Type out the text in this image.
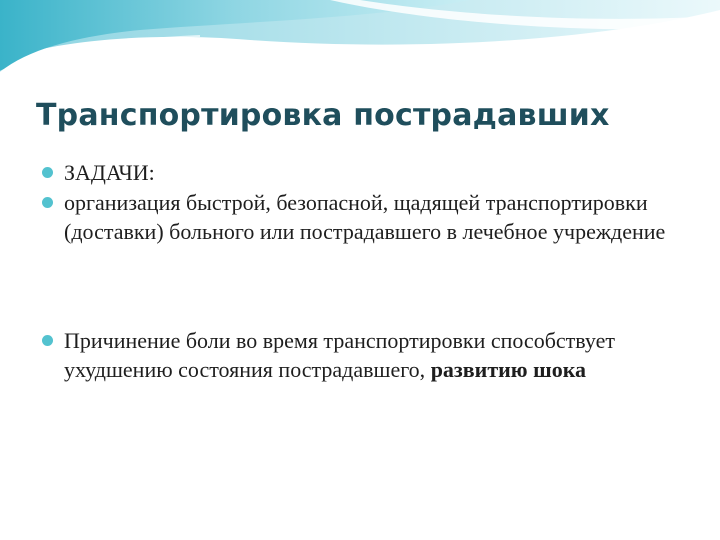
Транспортировка пострадавших
ЗАДАЧИ:
организация быстрой, безопасной, щадящей транспортировки (доставки) больного или пострадавшего в лечебное учреждение
Причинение боли во время транспортировки способствует ухудшению состояния пострадавшего, развитию шока
